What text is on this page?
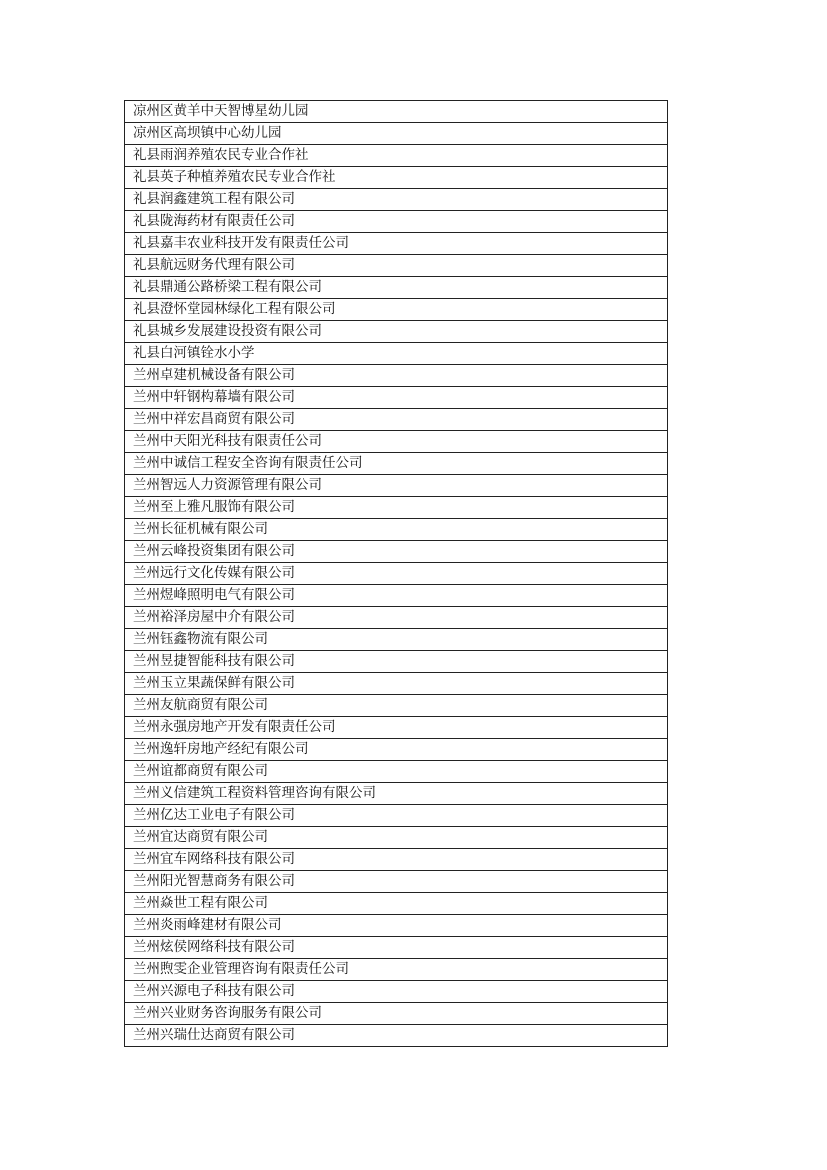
凉州区黄羊中天智博星幼儿园
凉州区高坝镇中心幼儿园
礼县雨润养殖农民专业合作社
礼县英子种植养殖农民专业合作社
礼县润鑫建筑工程有限公司
礼县陇海药材有限责任公司
礼县嘉丰农业科技开发有限责任公司
礼县航远财务代理有限公司
礼县鼎通公路桥梁工程有限公司
礼县澄怀堂园林绿化工程有限公司
礼县城乡发展建设投资有限公司
礼县白河镇铨水小学
兰州卓建机械设备有限公司
兰州中轩钢构幕墙有限公司
兰州中祥宏昌商贸有限公司
兰州中天阳光科技有限责任公司
兰州中诚信工程安全咨询有限责任公司
兰州智远人力资源管理有限公司
兰州至上雅凡服饰有限公司
兰州长征机械有限公司
兰州云峰投资集团有限公司
兰州远行文化传媒有限公司
兰州煜峰照明电气有限公司
兰州裕泽房屋中介有限公司
兰州钰鑫物流有限公司
兰州昱捷智能科技有限公司
兰州玉立果蔬保鲜有限公司
兰州友航商贸有限公司
兰州永强房地产开发有限责任公司
兰州逸轩房地产经纪有限公司
兰州谊都商贸有限公司
兰州义信建筑工程资料管理咨询有限公司
兰州亿达工业电子有限公司
兰州宜达商贸有限公司
兰州宜车网络科技有限公司
兰州阳光智慧商务有限公司
兰州焱世工程有限公司
兰州炎雨峰建材有限公司
兰州炫侯网络科技有限公司
兰州煦雯企业管理咨询有限责任公司
兰州兴源电子科技有限公司
兰州兴业财务咨询服务有限公司
兰州兴瑞仕达商贸有限公司
